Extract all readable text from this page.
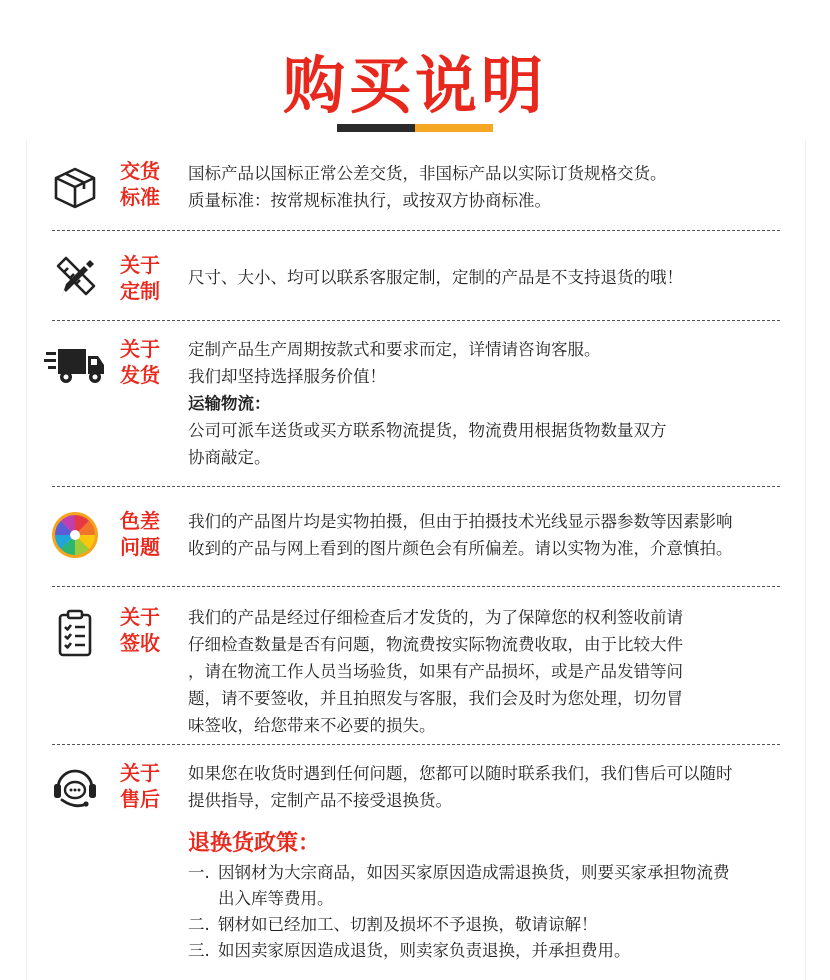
购买说明
交货
标准

国标产品以国标正常公差交货，非国标产品以实际订货规格交货。

质量标准：按常规标准执行，或按双方协商标准。

关于
定制

尺寸、大小、均可以联系客服定制，定制的产品是不支持退货的哦！

关于
发货

定制产品生产周期按款式和要求而定，详情请咨询客服。

我们却坚持选择服务价值！

运输物流：

公司可派车送货或买方联系物流提货，物流费用根据货物数量双方

协商敲定。

色差
问题

我们的产品图片均是实物拍摄，但由于拍摄技术光线显示器参数等因素影响

收到的产品与网上看到的图片颜色会有所偏差。请以实物为准，介意慎拍。

关于
签收

我们的产品是经过仔细检查后才发货的，为了保障您的权利签收前请

仔细检查数量是否有问题，物流费按实际物流费收取，由于比较大件

，请在物流工作人员当场验货，如果有产品损坏，或是产品发错等问

题，请不要签收，并且拍照发与客服，我们会及时为您处理，切勿冒

味签收，给您带来不必要的损失。

关于
售后

如果您在收货时遇到任何问题，您都可以随时联系我们，我们售后可以随时

提供指导，定制产品不接受退换货。

退换货政策：
一. 因钢材为大宗商品，如因买家原因造成需退换货，则要买家承担物流费
出入库等费用。
二. 钢材如已经加工、切割及损坏不予退换，敬请谅解！
三. 如因卖家原因造成退货，则卖家负责退换，并承担费用。
